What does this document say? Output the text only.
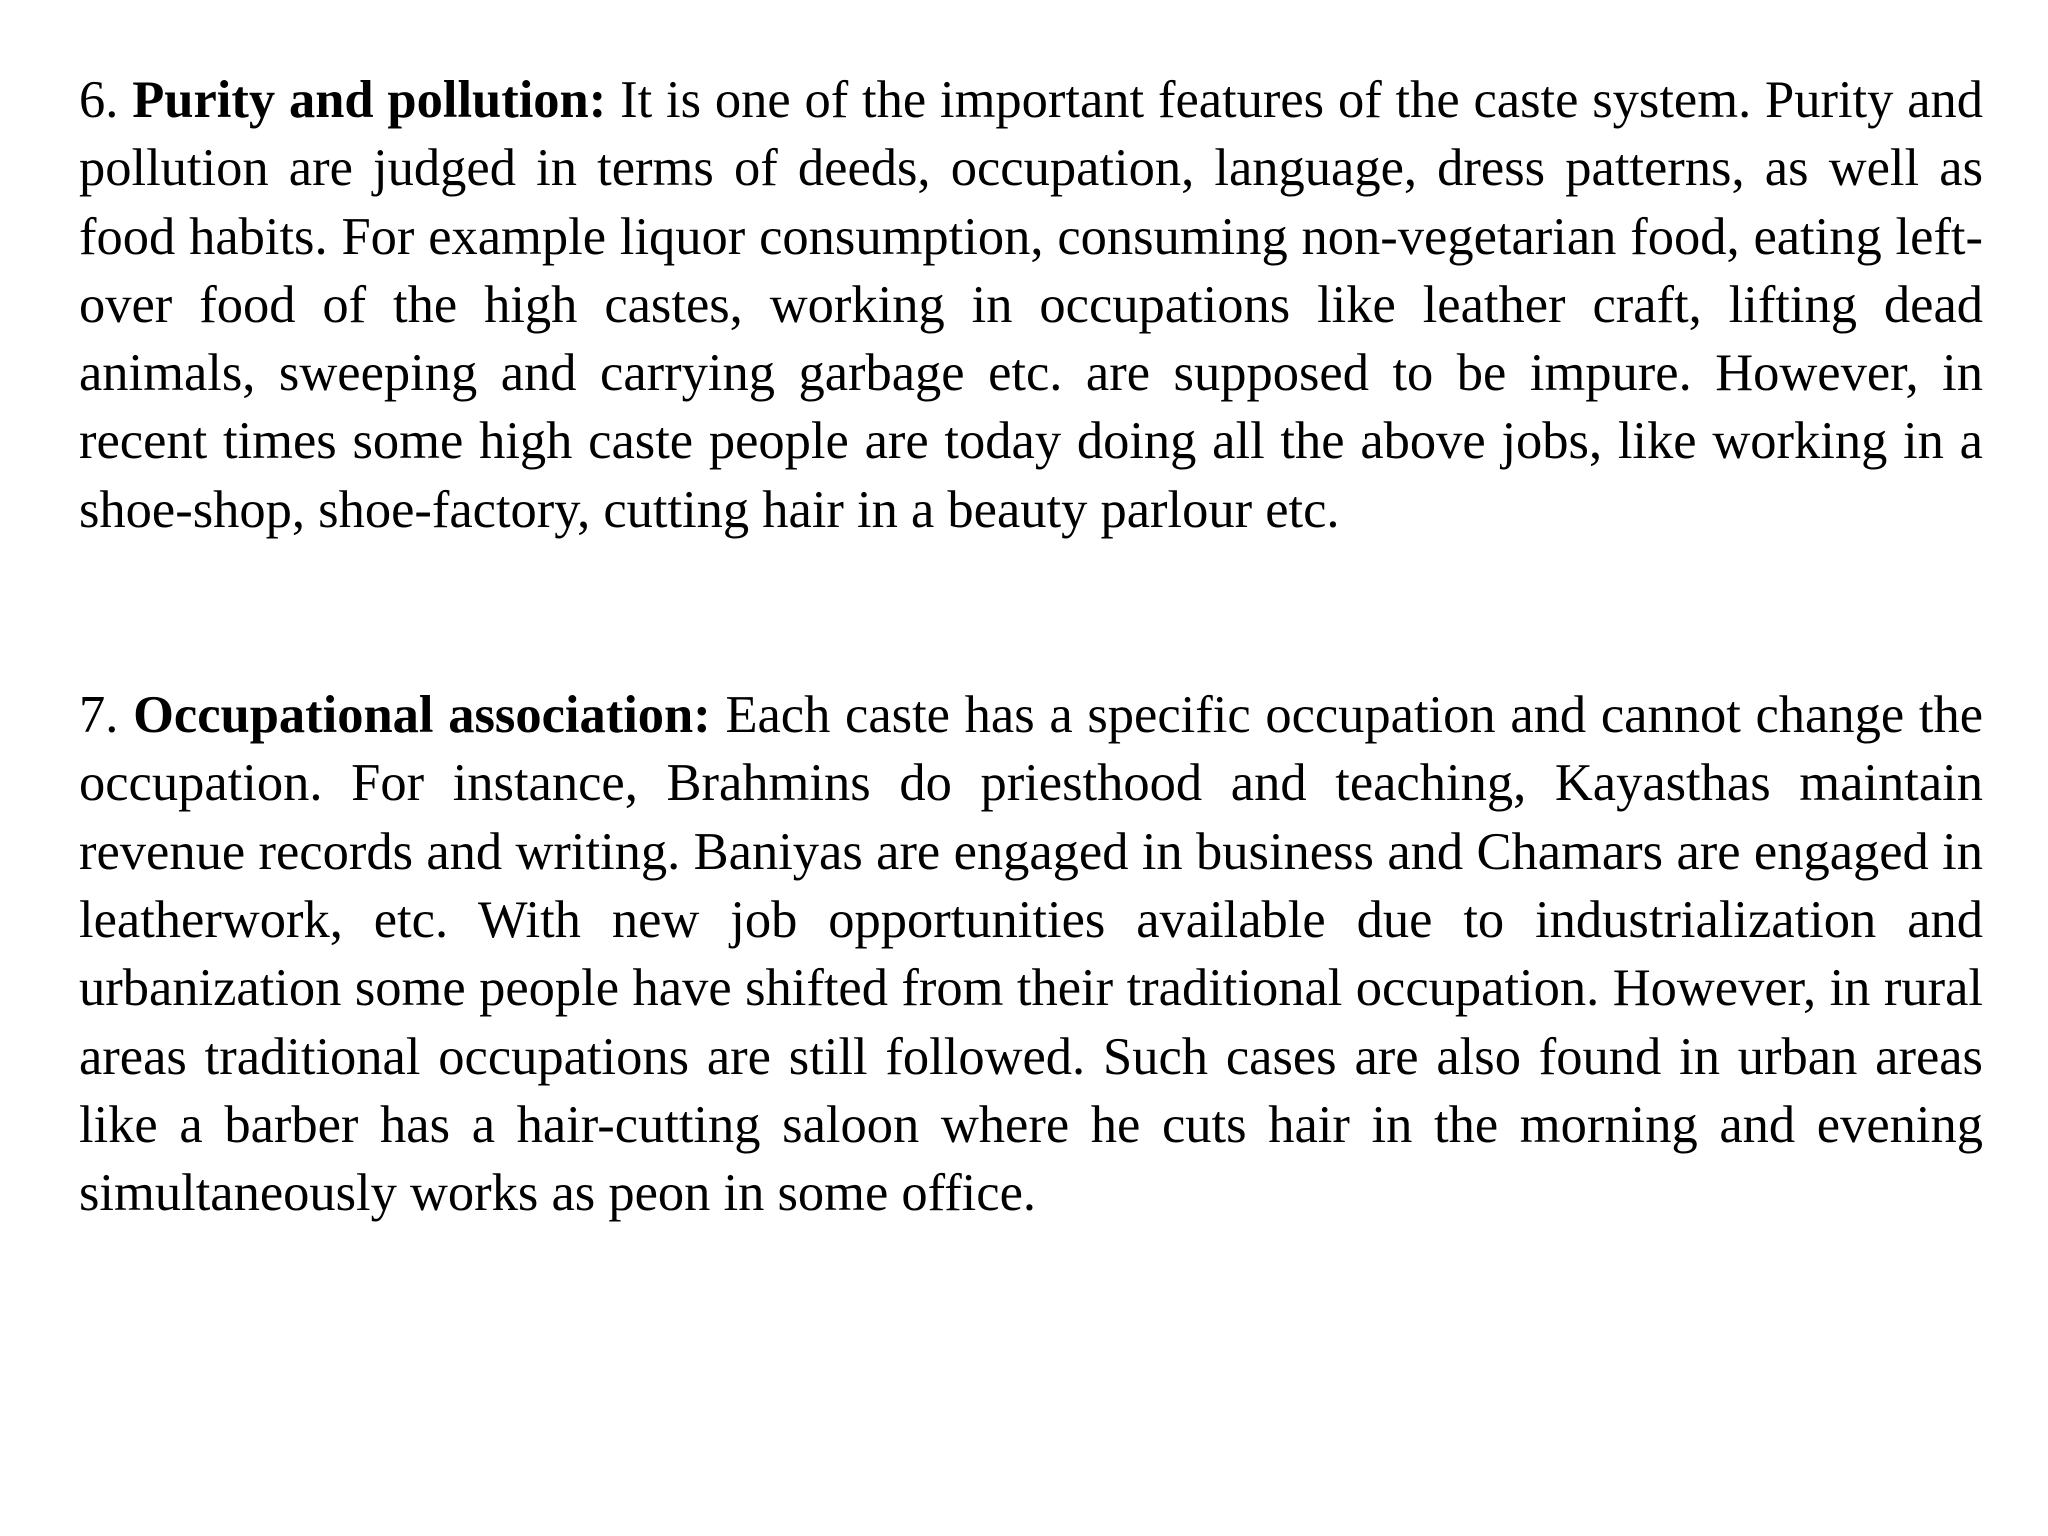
6. Purity and pollution: It is one of the important features of the caste system. Purity and pollution are judged in terms of deeds, occupation, language, dress patterns, as well as food habits. For example liquor consumption, consuming non-vegetarian food, eating left-over food of the high castes, working in occupations like leather craft, lifting dead animals, sweeping and carrying garbage etc. are supposed to be impure. However, in recent times some high caste people are today doing all the above jobs, like working in a shoe-shop, shoe-factory, cutting hair in a beauty parlour etc.

7. Occupational association: Each caste has a specific occupation and cannot change the occupation. For instance, Brahmins do priesthood and teaching, Kayasthas maintain revenue records and writing. Baniyas are engaged in business and Chamars are engaged in leatherwork, etc. With new job opportunities available due to industrialization and urbanization some people have shifted from their traditional occupation. However, in rural areas traditional occupations are still followed. Such cases are also found in urban areas like a barber has a hair-cutting saloon where he cuts hair in the morning and evening simultaneously works as peon in some office.
